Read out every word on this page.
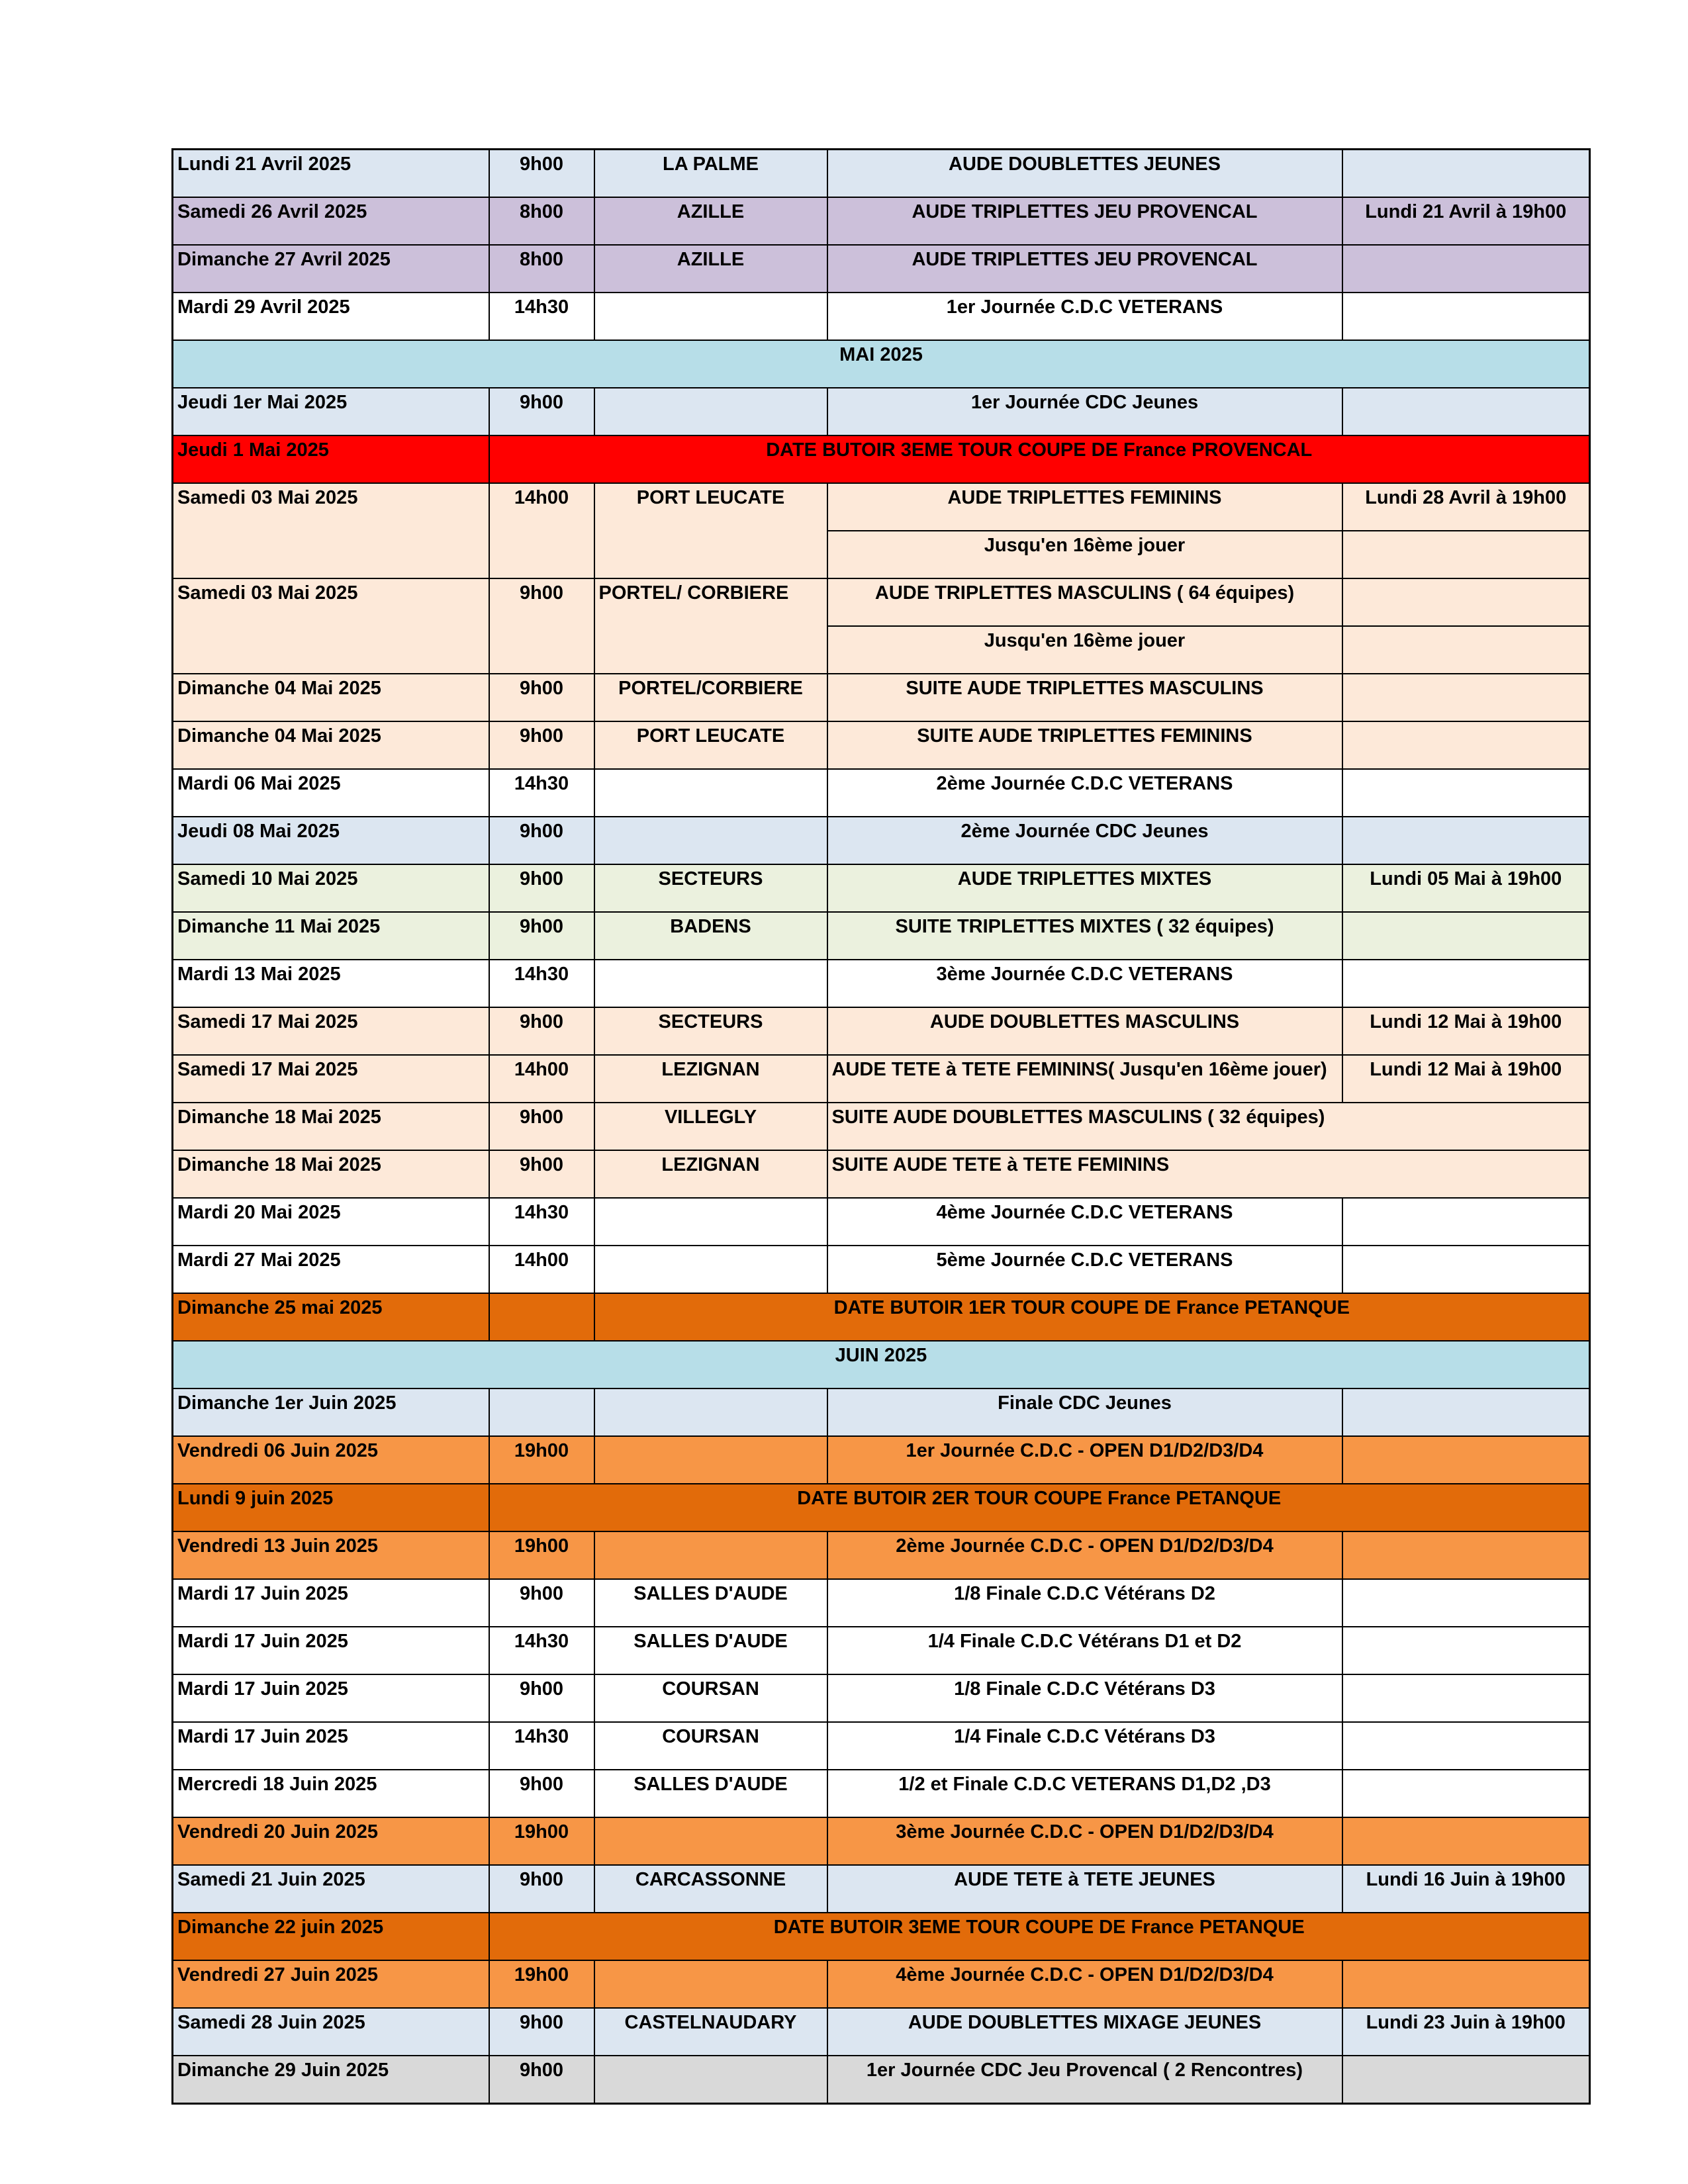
Lundi 21 Avril 2025	9h00	LA PALME	AUDE DOUBLETTES JEUNES	
Samedi 26 Avril 2025	8h00	AZILLE	AUDE TRIPLETTES JEU PROVENCAL	Lundi 21 Avril à 19h00
Dimanche 27 Avril 2025	8h00	AZILLE	AUDE TRIPLETTES JEU PROVENCAL	
Mardi 29 Avril 2025	14h30		1er Journée C.D.C VETERANS	
MAI 2025				
Jeudi 1er Mai 2025	9h00		1er Journée CDC Jeunes	
Jeudi 1 Mai 2025	DATE BUTOIR 3EME TOUR COUPE DE France PROVENCAL			
Samedi 03 Mai 2025	14h00	PORT LEUCATE	AUDE TRIPLETTES FEMININS	Lundi 28 Avril à 19h00
			Jusqu'en 16ème jouer	
Samedi 03 Mai 2025	9h00	PORTEL/ CORBIERE	AUDE TRIPLETTES MASCULINS ( 64 équipes)	
			Jusqu'en 16ème jouer	
Dimanche 04 Mai 2025	9h00	PORTEL/CORBIERE	SUITE AUDE TRIPLETTES MASCULINS	
Dimanche 04 Mai 2025	9h00	PORT LEUCATE	SUITE AUDE TRIPLETTES FEMININS	
Mardi 06 Mai 2025	14h30		2ème Journée C.D.C VETERANS	
Jeudi 08 Mai 2025	9h00		2ème Journée CDC Jeunes	
Samedi 10 Mai 2025	9h00	SECTEURS	AUDE TRIPLETTES MIXTES	Lundi 05 Mai à 19h00
Dimanche 11 Mai 2025	9h00	BADENS	SUITE TRIPLETTES MIXTES ( 32 équipes)	
Mardi 13 Mai 2025	14h30		3ème Journée C.D.C VETERANS	
Samedi 17 Mai 2025	9h00	SECTEURS	AUDE DOUBLETTES MASCULINS	Lundi 12 Mai à 19h00
Samedi 17 Mai 2025	14h00	LEZIGNAN	AUDE TETE à TETE FEMININS( Jusqu'en 16ème jouer)	Lundi 12 Mai à 19h00
Dimanche 18 Mai 2025	9h00	VILLEGLY	SUITE AUDE DOUBLETTES MASCULINS ( 32 équipes)	
Dimanche 18 Mai 2025	9h00	LEZIGNAN	SUITE AUDE TETE à TETE FEMININS	
Mardi 20 Mai 2025	14h30		4ème Journée C.D.C VETERANS	
Mardi 27 Mai 2025	14h00		5ème Journée C.D.C VETERANS	
Dimanche 25 mai 2025		DATE BUTOIR 1ER TOUR COUPE DE France PETANQUE		
JUIN 2025				
Dimanche 1er Juin 2025			Finale CDC Jeunes	
Vendredi 06 Juin 2025	19h00		1er Journée C.D.C - OPEN D1/D2/D3/D4	
Lundi 9 juin 2025	DATE BUTOIR 2ER TOUR COUPE France PETANQUE			
Vendredi 13 Juin 2025	19h00		2ème Journée C.D.C - OPEN D1/D2/D3/D4	
Mardi 17 Juin 2025	9h00	SALLES D'AUDE	1/8 Finale C.D.C Vétérans D2	
Mardi 17 Juin 2025	14h30	SALLES D'AUDE	1/4 Finale C.D.C Vétérans D1 et D2	
Mardi 17 Juin 2025	9h00	COURSAN	1/8 Finale C.D.C Vétérans D3	
Mardi 17 Juin 2025	14h30	COURSAN	1/4 Finale C.D.C Vétérans D3	
Mercredi 18 Juin 2025	9h00	SALLES D'AUDE	1/2 et Finale C.D.C VETERANS D1,D2 ,D3	
Vendredi 20 Juin 2025	19h00		3ème Journée C.D.C - OPEN D1/D2/D3/D4	
Samedi 21 Juin 2025	9h00	CARCASSONNE	AUDE TETE à TETE JEUNES	Lundi 16 Juin à 19h00
Dimanche 22 juin 2025	DATE BUTOIR 3EME TOUR COUPE DE France PETANQUE			
Vendredi 27 Juin 2025	19h00		4ème Journée C.D.C - OPEN D1/D2/D3/D4	
Samedi 28 Juin 2025	9h00	CASTELNAUDARY	AUDE DOUBLETTES MIXAGE JEUNES	Lundi 23 Juin à 19h00
Dimanche 29 Juin 2025	9h00		1er Journée CDC Jeu Provencal ( 2 Rencontres)	
